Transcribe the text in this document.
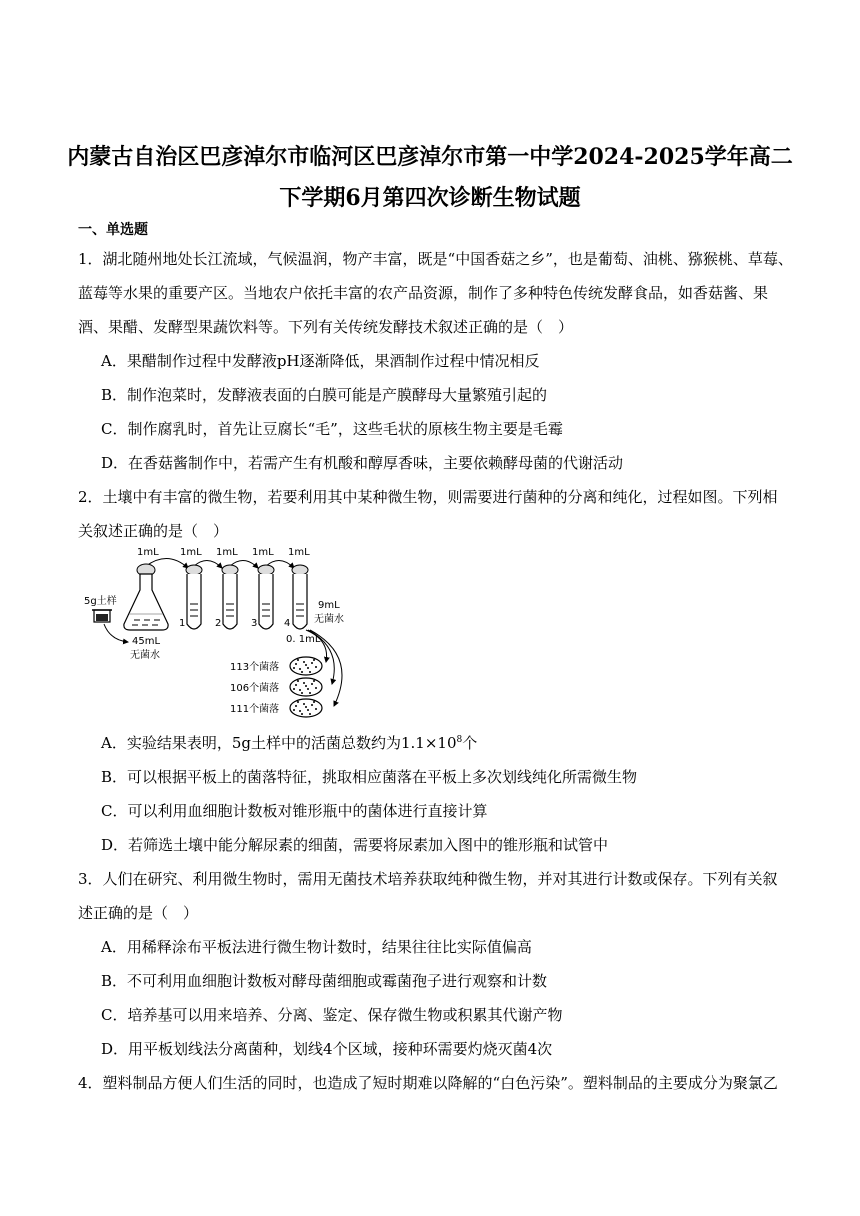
内蒙古自治区巴彦淖尔市临河区巴彦淖尔市第一中学2024-2025学年高二
下学期6月第四次诊断生物试题
一、单选题
1．湖北随州地处长江流域，气候温润，物产丰富，既是“中国香菇之乡”，也是葡萄、油桃、猕猴桃、草莓、
蓝莓等水果的重要产区。当地农户依托丰富的农产品资源，制作了多种特色传统发酵食品，如香菇酱、果
酒、果醋、发酵型果蔬饮料等。下列有关传统发酵技术叙述正确的是（　）
A．果醋制作过程中发酵液pH逐渐降低，果酒制作过程中情况相反
B．制作泡菜时，发酵液表面的白膜可能是产膜酵母大量繁殖引起的
C．制作腐乳时，首先让豆腐长“毛”，这些毛状的原核生物主要是毛霉
D．在香菇酱制作中，若需产生有机酸和醇厚香味，主要依赖酵母菌的代谢活动
2．土壤中有丰富的微生物，若要利用其中某种微生物，则需要进行菌种的分离和纯化，过程如图。下列相
关叙述正确的是（　）
1mL 1mL 1mL 1mL 1mL
5g土样
45mL
无菌水
1	2	3	4
9mL
无菌水
0. 1mL
113个菌落
106个菌落
111个菌落
A．实验结果表明，5g土样中的活菌总数约为$1.1\times 10^8$个
B．可以根据平板上的菌落特征，挑取相应菌落在平板上多次划线纯化所需微生物
C．可以利用血细胞计数板对锥形瓶中的菌体进行直接计算
D．若筛选土壤中能分解尿素的细菌，需要将尿素加入图中的锥形瓶和试管中
3．人们在研究、利用微生物时，需用无菌技术培养获取纯种微生物，并对其进行计数或保存。下列有关叙
述正确的是（　）
A．用稀释涂布平板法进行微生物计数时，结果往往比实际值偏高
B．不可利用血细胞计数板对酵母菌细胞或霉菌孢子进行观察和计数
C．培养基可以用来培养、分离、鉴定、保存微生物或积累其代谢产物
D．用平板划线法分离菌种，划线4个区域，接种环需要灼烧灭菌4次
4．塑料制品方便人们生活的同时，也造成了短时期难以降解的“白色污染”。塑料制品的主要成分为聚氯乙
